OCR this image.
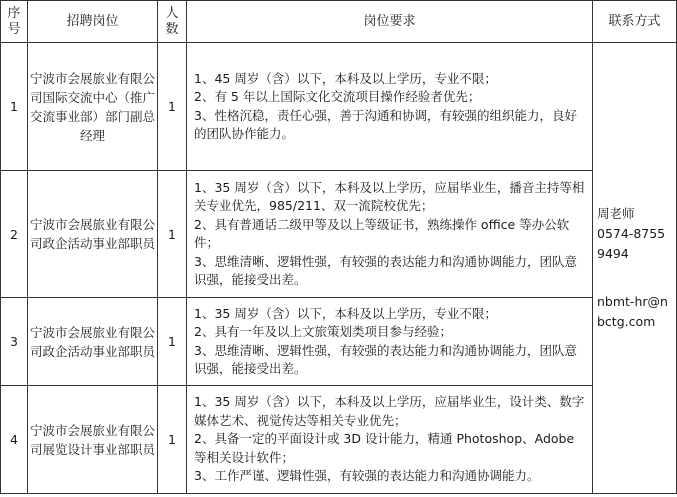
序号	招聘岗位	人数	岗位要求	联系方式
1	宁波市会展旅业有限公司国际交流中心（推广交流事业部）部门副总经理	1	1、45 周岁（含）以下，本科及以上学历，专业不限；
2、有 5 年以上国际文化交流项目操作经验者优先；
3、性格沉稳，责任心强，善于沟通和协调，有较强的组织能力，良好的团队协作能力。	周老师
0574-87559494
nbmt-hr@nbctg.com

2	宁波市会展旅业有限公司政企活动事业部职员	1	1、35 周岁（含）以下，本科及以上学历，应届毕业生，播音主持等相关专业优先，985/211、双一流院校优先；
2、具有普通话二级甲等及以上等级证书，熟练操作 office 等办公软件；
3、思维清晰、逻辑性强，有较强的表达能力和沟通协调能力，团队意识强，能接受出差。	

3	宁波市会展旅业有限公司政企活动事业部职员	1	1、35 周岁（含）以下，本科及以上学历，专业不限；
2、具有一年及以上文旅策划类项目参与经验；
3、思维清晰、逻辑性强，有较强的表达能力和沟通协调能力，团队意识强，能接受出差。	

4	宁波市会展旅业有限公司展览设计事业部职员	1	1、35 周岁（含）以下，本科及以上学历，应届毕业生，设计类、数字媒体艺术、视觉传达等相关专业优先；
2、具备一定的平面设计或 3D 设计能力，精通 Photoshop、Adobe 等相关设计软件；
3、工作严谨、逻辑性强，有较强的表达能力和沟通协调能力。	
